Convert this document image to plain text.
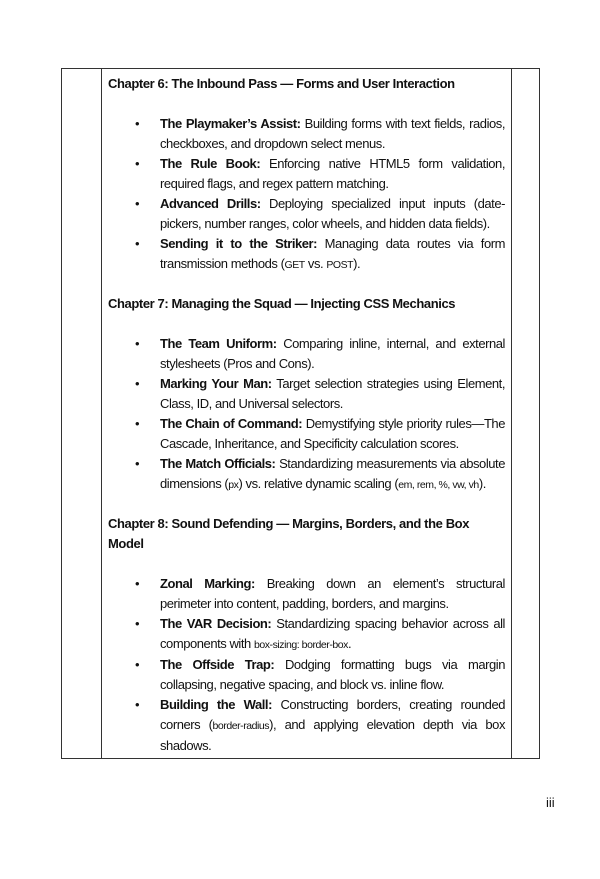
Chapter 6: The Inbound Pass — Forms and User Interaction
• The Playmaker’s Assist: Building forms with text fields, radios, checkboxes, and dropdown select menus.
• The Rule Book: Enforcing native HTML5 form validation, required flags, and regex pattern matching.
• Advanced Drills: Deploying specialized input inputs (date-pickers, number ranges, color wheels, and hidden data fields).
• Sending it to the Striker: Managing data routes via form transmission methods (GET vs. POST).
Chapter 7: Managing the Squad — Injecting CSS Mechanics
• The Team Uniform: Comparing inline, internal, and external stylesheets (Pros and Cons).
• Marking Your Man: Target selection strategies using Element, Class, ID, and Universal selectors.
• The Chain of Command: Demystifying style priority rules—The Cascade, Inheritance, and Specificity calculation scores.
• The Match Officials: Standardizing measurements via absolute dimensions (px) vs. relative dynamic scaling (em, rem, %, vw, vh).
Chapter 8: Sound Defending — Margins, Borders, and the Box Model
• Zonal Marking: Breaking down an element’s structural perimeter into content, padding, borders, and margins.
• The VAR Decision: Standardizing spacing behavior across all components with box-sizing: border-box.
• The Offside Trap: Dodging formatting bugs via margin collapsing, negative spacing, and block vs. inline flow.
• Building the Wall: Constructing borders, creating rounded corners (border-radius), and applying elevation depth via box shadows.
iii
